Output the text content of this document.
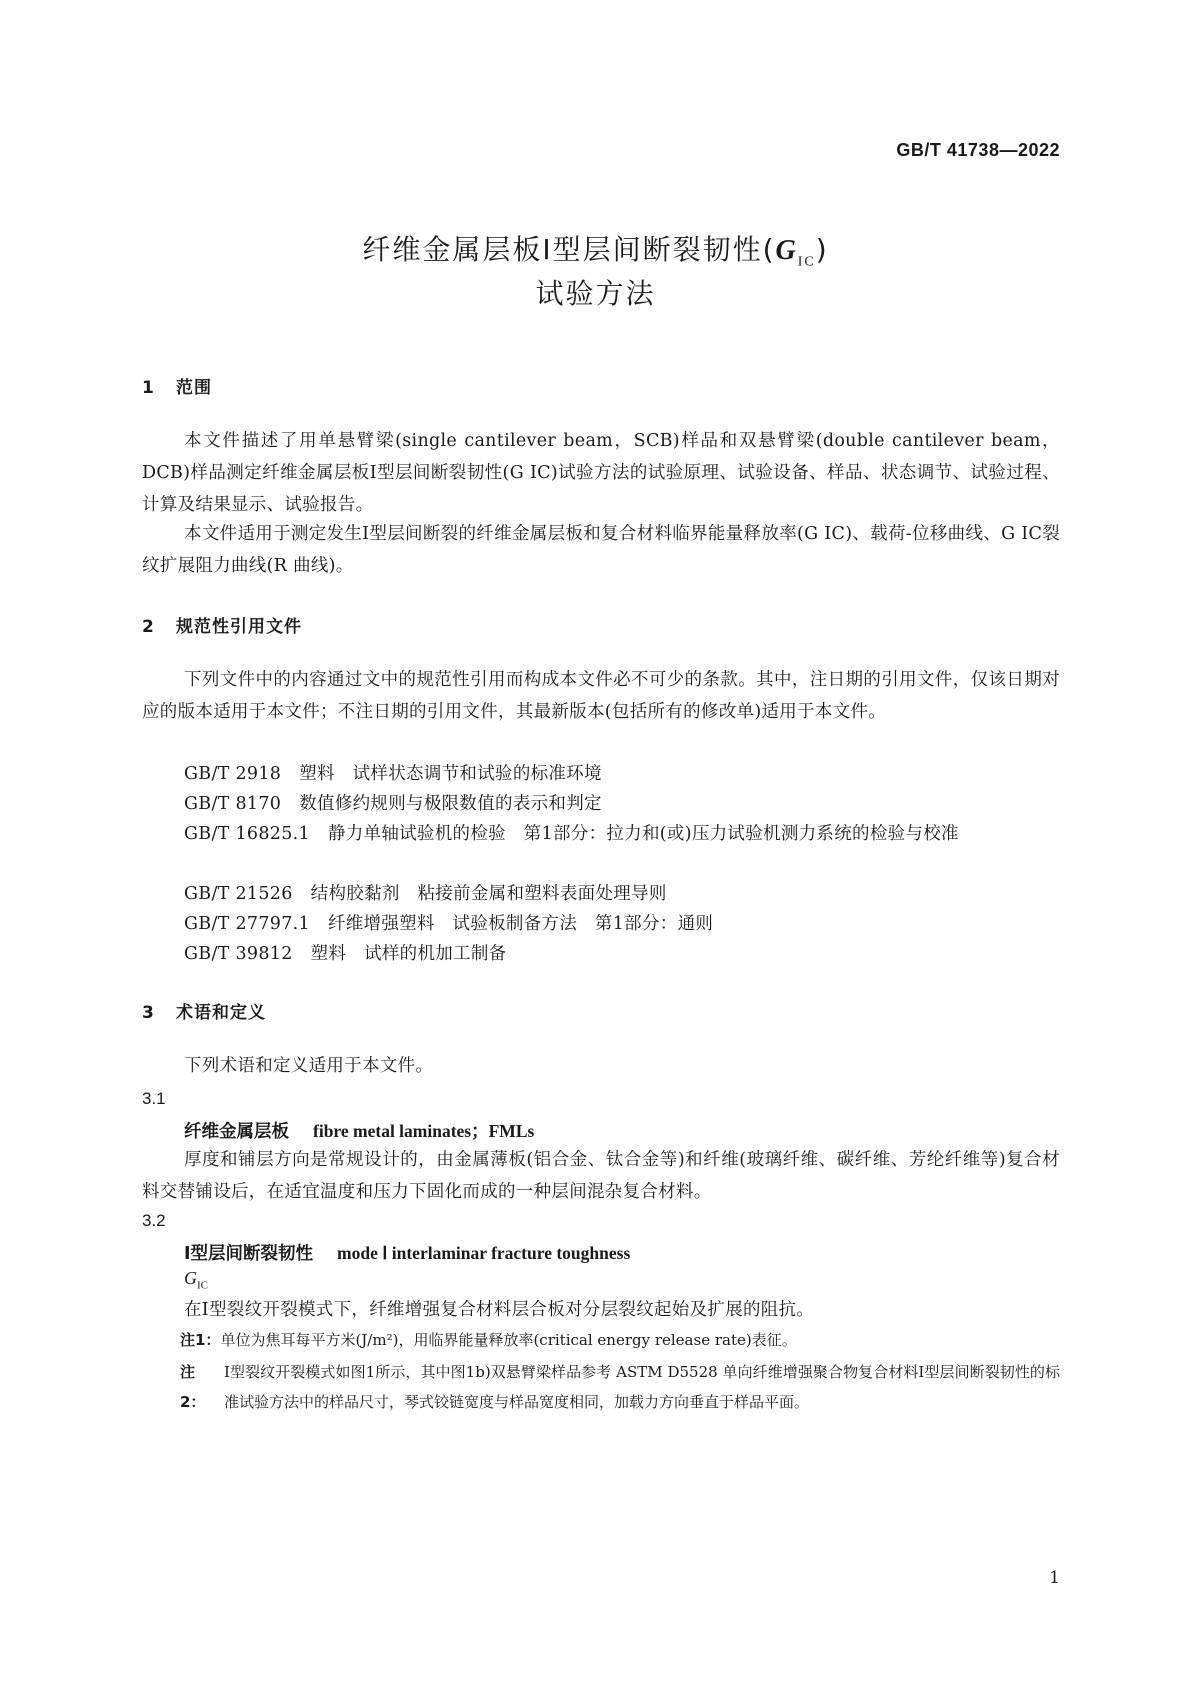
GB/T 41738—2022
纤维金属层板Ⅰ型层间断裂韧性$(G_{IC})$
试验方法
1 范围
本文件描述了用单悬臂梁(single cantilever beam，SCB)样品和双悬臂梁(double cantilever beam，DCB)样品测定纤维金属层板Ⅰ型层间断裂韧性(G IC)试验方法的试验原理、试验设备、样品、状态调节、试验过程、计算及结果显示、试验报告。
本文件适用于测定发生Ⅰ型层间断裂的纤维金属层板和复合材料临界能量释放率(G IC)、载荷-位移曲线、G IC裂纹扩展阻力曲线(R 曲线)。
2 规范性引用文件
下列文件中的内容通过文中的规范性引用而构成本文件必不可少的条款。其中，注日期的引用文件，仅该日期对应的版本适用于本文件；不注日期的引用文件，其最新版本(包括所有的修改单)适用于本文件。
GB/T 2918 塑料　试样状态调节和试验的标准环境
GB/T 8170 数值修约规则与极限数值的表示和判定
GB/T 16825.1 静力单轴试验机的检验　第1部分：拉力和(或)压力试验机测力系统的检验与校准
GB/T 21526 结构胶黏剂　粘接前金属和塑料表面处理导则
GB/T 27797.1 纤维增强塑料　试验板制备方法　第1部分：通则
GB/T 39812 塑料　试样的机加工制备
3 术语和定义
下列术语和定义适用于本文件。
3.1
纤维金属层板 fibre metal laminates；FMLs
厚度和铺层方向是常规设计的，由金属薄板(铝合金、钛合金等)和纤维(玻璃纤维、碳纤维、芳纶纤维等)复合材料交替铺设后，在适宜温度和压力下固化而成的一种层间混杂复合材料。
3.2
Ⅰ型层间断裂韧性 mode Ⅰ interlaminar fracture toughness
$G_{IC}$
在Ⅰ型裂纹开裂模式下，纤维增强复合材料层合板对分层裂纹起始及扩展的阻抗。
注1：单位为焦耳每平方米(J/m²)，用临界能量释放率(critical energy release rate)表征。
注2：
Ⅰ型裂纹开裂模式如图1所示，其中图1b)双悬臂梁样品参考 ASTM D5528 单向纤维增强聚合物复合材料Ⅰ型层间断裂韧性的标准试验方法中的样品尺寸，琴式铰链宽度与样品宽度相同，加载力方向垂直于样品平面。
1
